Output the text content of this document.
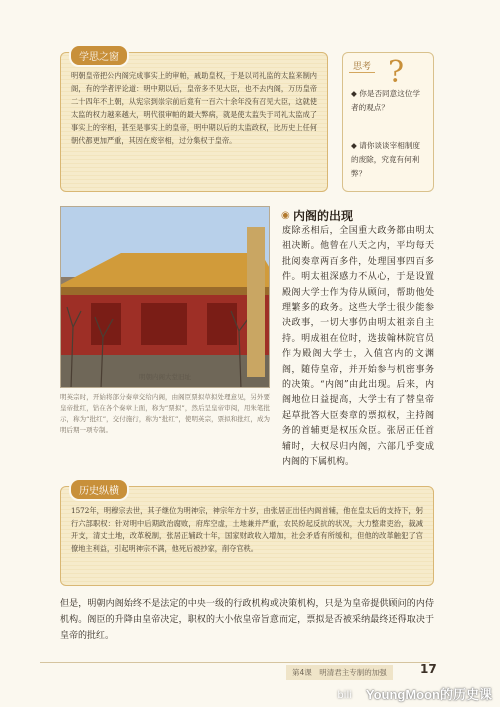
学思之窗
明朝皇帝把公内阁完成事实上的审帕，戚助皇权，于是以司礼监的太监来制内阁，有的学者评论道：明中期以后，皇帝多不见大臣，也不去内阁，万历皇帝二十四年不上朝，从宪宗到崇宗前后竟有一百六十余年没有召见大臣，这就使太监的权力越来越大，明代很审帕的最大弊病，就是使太监失于司礼太监成了事实上的宰相，甚至是事实上的皇帝，明中期以后的太监政权，比历史上任何朝代都更加严重，其因在废宰相，过分集权于皇帝。
思考 ?
◆ 你是否同意这位学者的观点？
◆ 请你谈谈宰相制度的废除，究竟有何利弊？
明朝内阁大堂旧址
明英宗时，开始将部分奏章交给内阁，由阁臣票拟草拟处理意见，另外要皇帝批红，钻在各个奏章上面，称为“票拟”，然后呈皇帝审阅，用朱笔批示，称为“批红”，交付施行，称为“批红”，使明英宗，票拟和批红，成为明后期一项专制。
◉ 内阁的出现
废除丞相后，全国重大政务都由明太祖决断。他曾在八天之内，平均每天批阅奏章两百多件，处理国事四百多件。明太祖深感力不从心，于是设置殿阁大学士作为侍从顾问，帮助他处理繁多的政务。这些大学士很少能参决政事，一切大事仍由明太祖亲自主持。明成祖在位时，选拔翰林院官员作为殿阁大学士，入值宫内的文渊阁，随侍皇帝，并开始参与机密事务的决策。“内阁”由此出现。后来，内阁地位日益提高，大学士有了替皇帝起草批答大臣奏章的票拟权，主持阁务的首辅更是权压众臣。张居正任首辅时，大权尽归内阁，六部几乎变成内阁的下属机构。
历史纵横
1572年，明穆宗去世，其子继位为明神宗，神宗年方十岁，由张居正出任内阁首辅，他在皇太后的支持下，躬行六部职权：针对明中后期政治腐败，府库空虚，土地兼并严重，农民纷起反抗的状况，大力整肃吏治，裁减开支，清丈土地，改革税制，张居正辅政十年，国家财政收入增加，社会矛盾有所缓和，但他的改革触犯了官僚地主利益，引起明神宗不满，他死后被抄家，削夺官秩。
但是，明朝内阁始终不是法定的中央一级的行政机构或决策机构，只是为皇帝提供顾问的内侍机构。阁臣的升降由皇帝决定，职权的大小依皇帝旨意而定，票拟是否被采纳最终还得取决于皇帝的批红。
第4课　明清君主专制的加强	17
bili YoungMoon的历史课
